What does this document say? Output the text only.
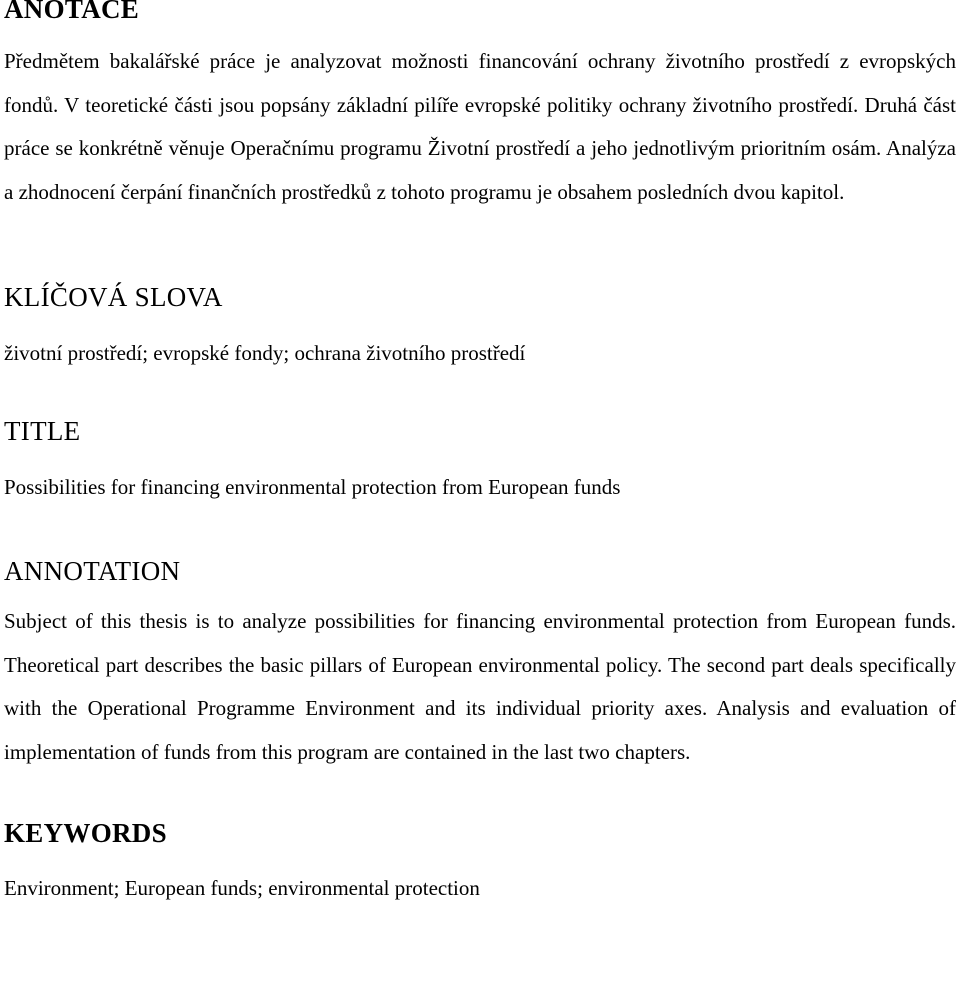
ANOTACE

Předmětem bakalářské práce je analyzovat možnosti financování ochrany životního prostředí z evropských fondů. V teoretické části jsou popsány základní pilíře evropské politiky ochrany životního prostředí. Druhá část práce se konkrétně věnuje Operačnímu programu Životní prostředí a jeho jednotlivým prioritním osám. Analýza a zhodnocení čerpání finančních prostředků z tohoto programu je obsahem posledních dvou kapitol.

KLÍČOVÁ SLOVA

životní prostředí; evropské fondy; ochrana životního prostředí

TITLE

Possibilities for financing environmental protection from European funds

ANNOTATION

Subject of this thesis is to analyze possibilities for financing environmental protection from European funds. Theoretical part describes the basic pillars of European environmental policy. The second part deals specifically with the Operational Programme Environment and its individual priority axes. Analysis and evaluation of implementation of funds from this program are contained in the last two chapters.

KEYWORDS

Environment; European funds; environmental protection
